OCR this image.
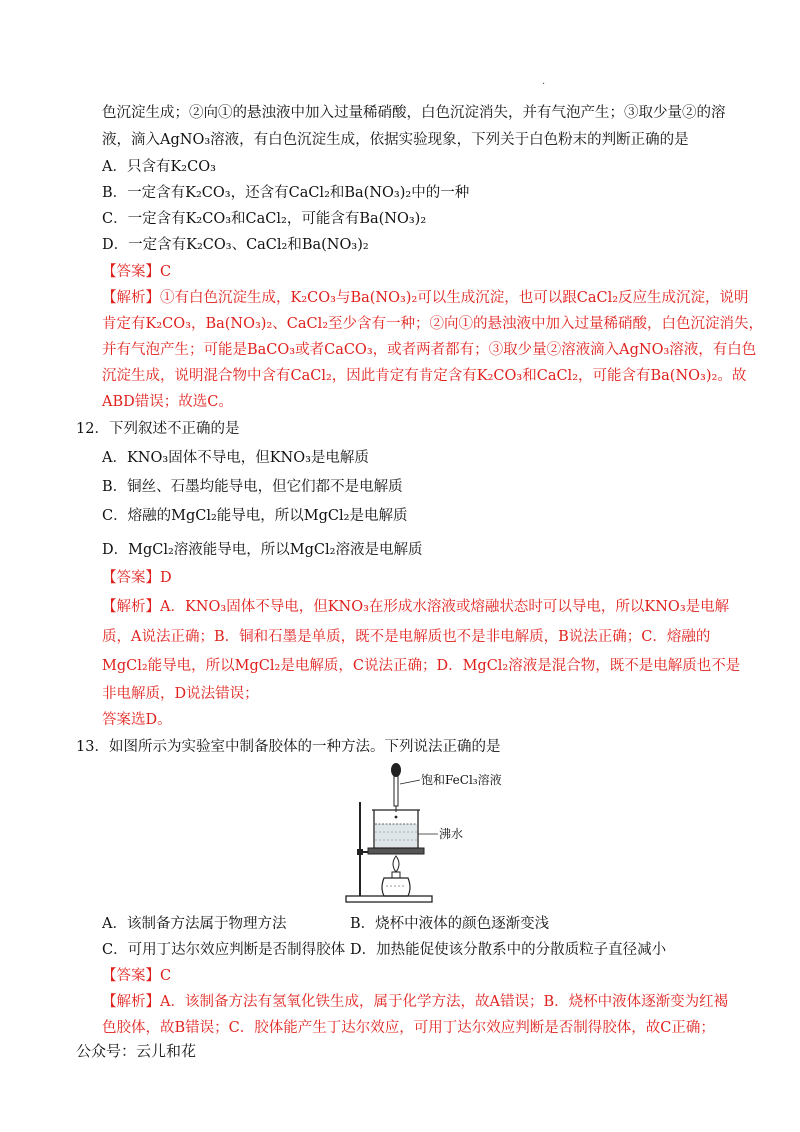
.
色沉淀生成；②向①的悬浊液中加入过量稀硝酸，白色沉淀消失，并有气泡产生；③取少量②的溶
液，滴入AgNO₃溶液，有白色沉淀生成，依据实验现象，下列关于白色粉末的判断正确的是
A．只含有K₂CO₃
B．一定含有K₂CO₃，还含有CaCl₂和Ba(NO₃)₂中的一种
C．一定含有K₂CO₃和CaCl₂，可能含有Ba(NO₃)₂
D．一定含有K₂CO₃、CaCl₂和Ba(NO₃)₂
【答案】C
【解析】①有白色沉淀生成，K₂CO₃与Ba(NO₃)₂可以生成沉淀，也可以跟CaCl₂反应生成沉淀，说明
肯定有K₂CO₃，Ba(NO₃)₂、CaCl₂至少含有一种；②向①的悬浊液中加入过量稀硝酸，白色沉淀消失，
并有气泡产生；可能是BaCO₃或者CaCO₃，或者两者都有；③取少量②溶液滴入AgNO₃溶液，有白色
沉淀生成，说明混合物中含有CaCl₂，因此肯定有肯定含有K₂CO₃和CaCl₂，可能含有Ba(NO₃)₂。故
ABD错误；故选C。
12．下列叙述不正确的是
A．KNO₃固体不导电，但KNO₃是电解质
B．铜丝、石墨均能导电，但它们都不是电解质
C．熔融的MgCl₂能导电，所以MgCl₂是电解质
D．MgCl₂溶液能导电，所以MgCl₂溶液是电解质
【答案】D
【解析】A．KNO₃固体不导电，但KNO₃在形成水溶液或熔融状态时可以导电，所以KNO₃是电解
质，A说法正确；B．铜和石墨是单质，既不是电解质也不是非电解质，B说法正确；C．熔融的
MgCl₂能导电，所以MgCl₂是电解质，C说法正确；D．MgCl₂溶液是混合物，既不是电解质也不是
非电解质，D说法错误；
答案选D。
13．如图所示为实验室中制备胶体的一种方法。下列说法正确的是
饱和FeCl₃溶液
沸水
A．该制备方法属于物理方法	B．烧杯中液体的颜色逐渐变浅
C．可用丁达尔效应判断是否制得胶体 D．加热能促使该分散系中的分散质粒子直径减小
【答案】C
【解析】A．该制备方法有氢氧化铁生成，属于化学方法，故A错误；B．烧杯中液体逐渐变为红褐
色胶体，故B错误；C．胶体能产生丁达尔效应，可用丁达尔效应判断是否制得胶体，故C正确；
公众号：云儿和花
